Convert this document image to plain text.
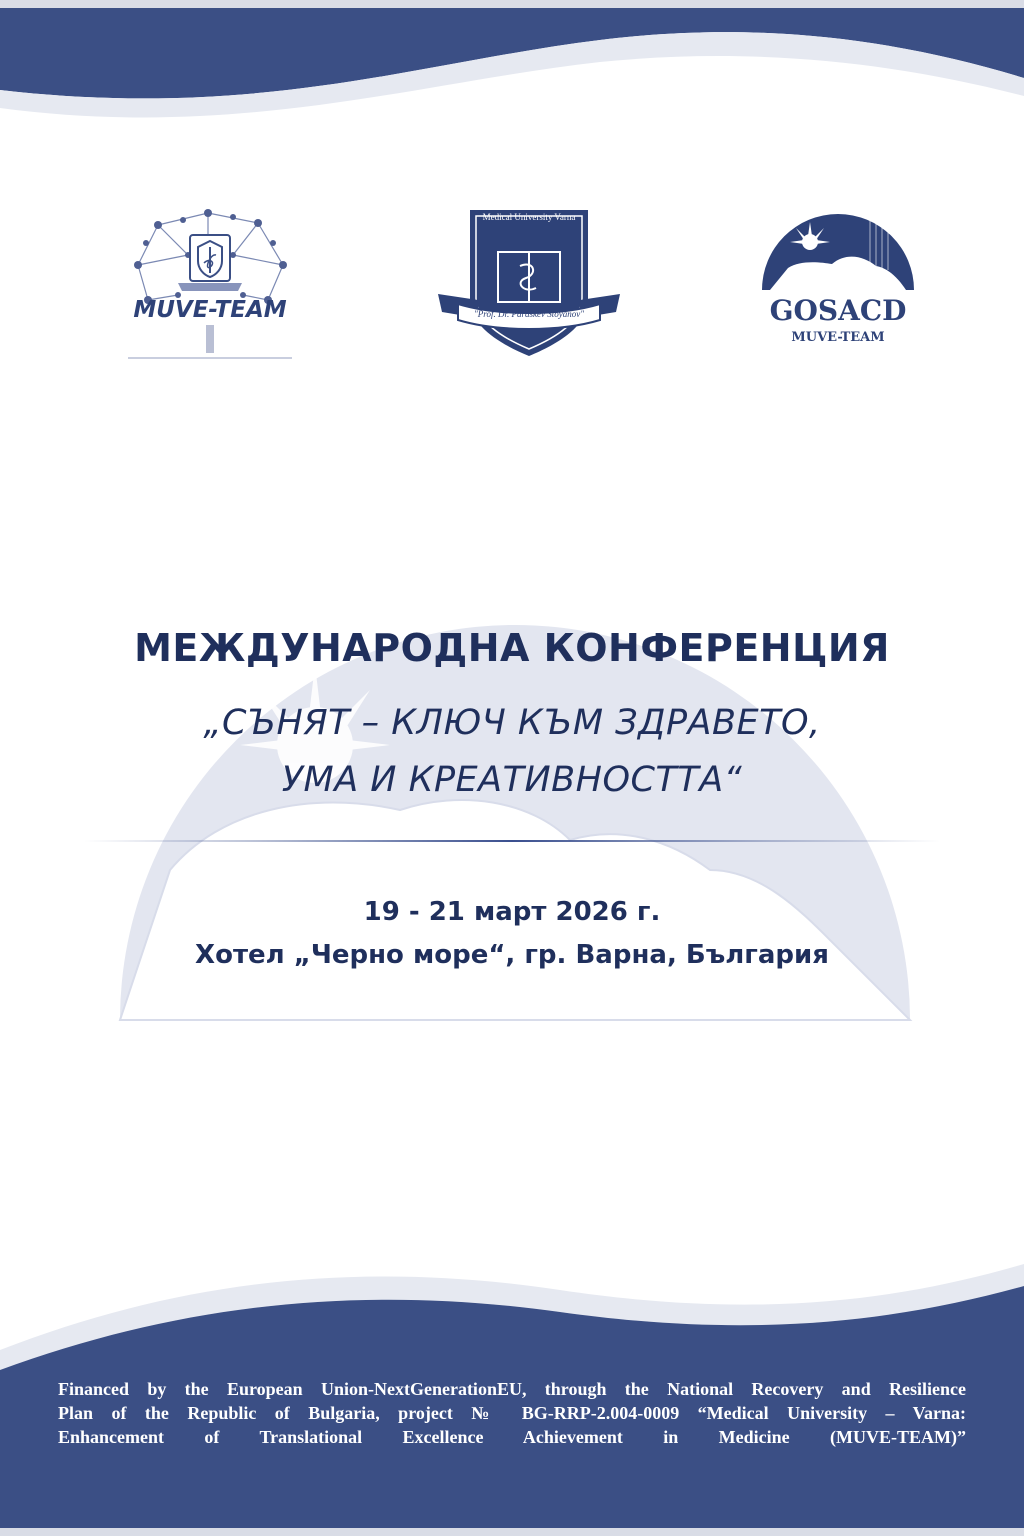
MUVE-TEAM
Medical University Varna
"Prof. Dr. Paraskev Stoyanov"	GOSACD
MUVE-TEAM
МЕЖДУНАРОДНА КОНФЕРЕНЦИЯ
„СЪНЯТ – КЛЮЧ КЪМ ЗДРАВЕТО,
УМА И КРЕАТИВНОСТТА“
19 - 21 март 2026 г.
Хотел „Черно море“, гр. Варна, България
Financed by the European Union-NextGenerationEU, through the National Recovery and Resilience
Plan of the Republic of Bulgaria, project № BG-RRP-2.004-0009 “Medical University – Varna:
Enhancement of Translational Excellence Achievement in Medicine (MUVE-TEAM)”
